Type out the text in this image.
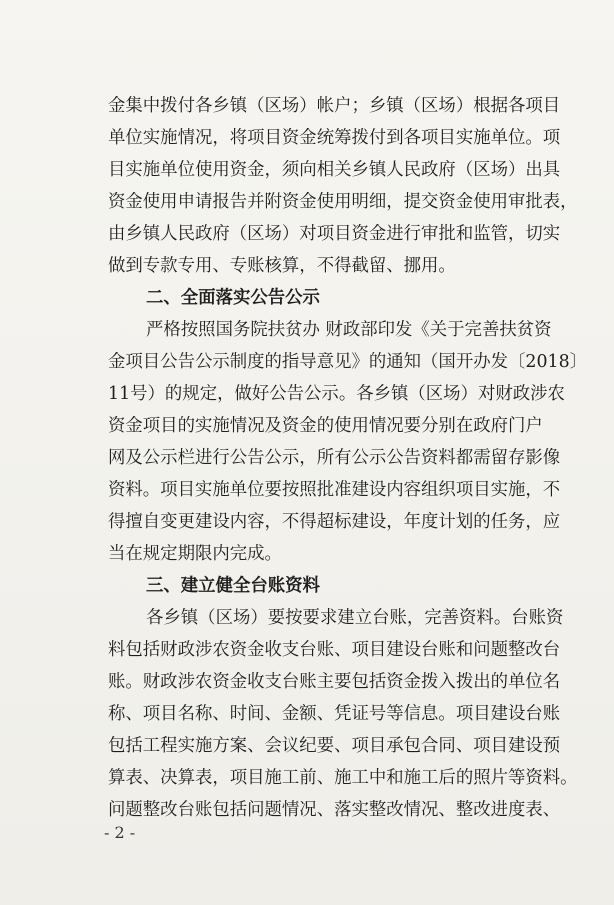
金集中拨付各乡镇（区场）帐户；乡镇（区场）根据各项目
单位实施情况，将项目资金统筹拨付到各项目实施单位。项
目实施单位使用资金，须向相关乡镇人民政府（区场）出具
资金使用申请报告并附资金使用明细，提交资金使用审批表，
由乡镇人民政府（区场）对项目资金进行审批和监管，切实
做到专款专用、专账核算，不得截留、挪用。
二、全面落实公告公示
严格按照国务院扶贫办 财政部印发《关于完善扶贫资
金项目公告公示制度的指导意见》的通知（国开办发〔2018〕
11号）的规定，做好公告公示。各乡镇（区场）对财政涉农
资金项目的实施情况及资金的使用情况要分别在政府门户
网及公示栏进行公告公示，所有公示公告资料都需留存影像
资料。项目实施单位要按照批准建设内容组织项目实施，不
得擅自变更建设内容，不得超标建设，年度计划的任务，应
当在规定期限内完成。
三、建立健全台账资料
各乡镇（区场）要按要求建立台账，完善资料。台账资
料包括财政涉农资金收支台账、项目建设台账和问题整改台
账。财政涉农资金收支台账主要包括资金拨入拨出的单位名
称、项目名称、时间、金额、凭证号等信息。项目建设台账
包括工程实施方案、会议纪要、项目承包合同、项目建设预
算表、决算表，项目施工前、施工中和施工后的照片等资料。
问题整改台账包括问题情况、落实整改情况、整改进度表、
- 2 -
